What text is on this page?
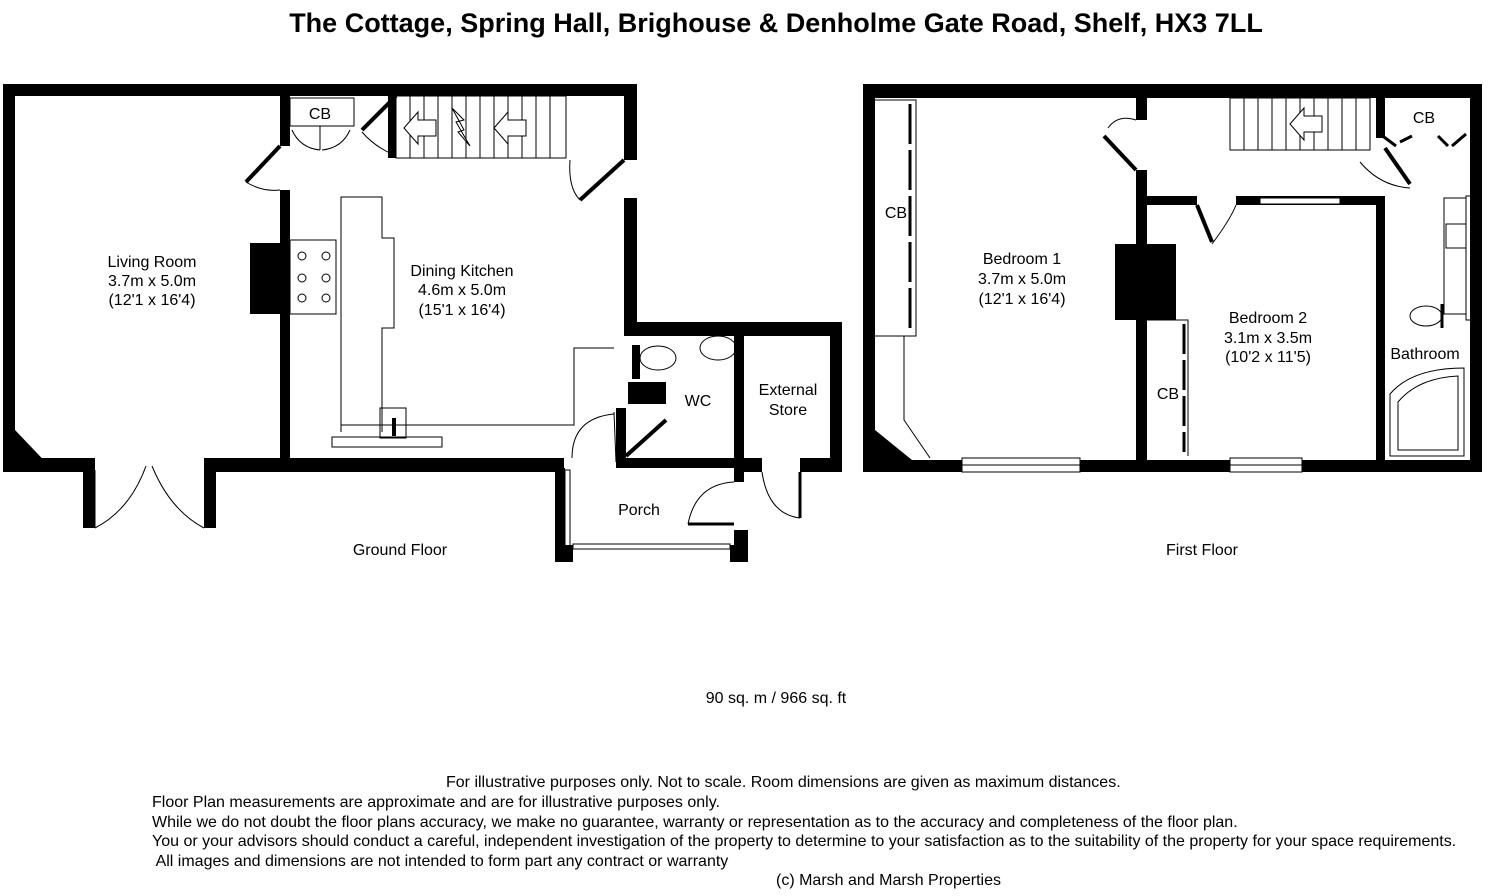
The Cottage, Spring Hall, Brighouse & Denholme Gate Road, Shelf, HX3 7LL
Living Room
3.7m x 5.0m
(12'1 x 16'4)
Dining Kitchen
4.6m x 5.0m
(15'1 x 16'4)
CB
WC
External
Store
Porch
Ground Floor
Bedroom 1
3.7m x 5.0m
(12'1 x 16'4)
Bedroom 2
3.1m x 3.5m
(10'2 x 11'5)	Bathroom
CB
CB
CB
First Floor
90 sq. m / 966 sq. ft
For illustrative purposes only. Not to scale. Room dimensions are given as maximum distances.
Floor Plan measurements are approximate and are for illustrative purposes only.
While we do not doubt the floor plans accuracy, we make no guarantee, warranty or representation as to the accuracy and completeness of the floor plan.
You or your advisors should conduct a careful, independent investigation of the property to determine to your satisfaction as to the suitability of the property for your space requirements.
All images and dimensions are not intended to form part any contract or warranty
(c) Marsh and Marsh Properties
